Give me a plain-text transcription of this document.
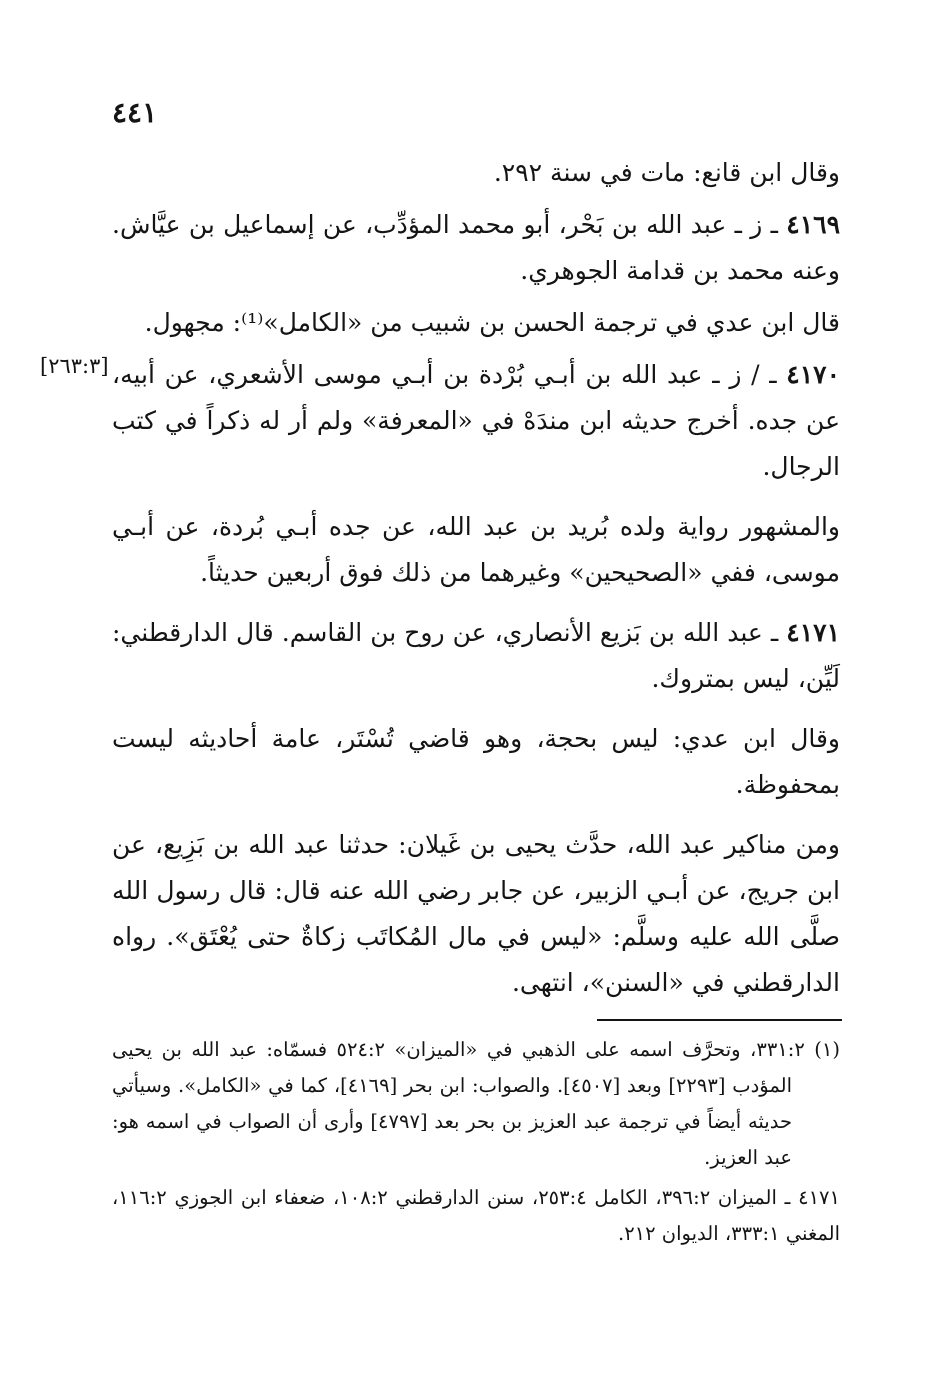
٤٤١
[٢٦٣:٣]

وقال ابن قانع: مات في سنة ٢٩٢.

٤١٦٩ ـ ز ـ عبد الله بن بَحْر، أبو محمد المؤدِّب، عن إسماعيل بن عيَّاش. وعنه محمد بن قدامة الجوهري.

قال ابن عدي في ترجمة الحسن بن شبيب من «الكامل»⁽¹⁾: مجهول.

٤١٧٠ ـ / ز ـ عبد الله بن أبـي بُرْدة بن أبـي موسى الأشعري، عن أبيه، عن جده. أخرج حديثه ابن مندَهْ في «المعرفة» ولم أر له ذكراً في كتب الرجال.

والمشهور رواية ولده بُريد بن عبد الله، عن جده أبـي بُردة، عن أبـي موسى، ففي «الصحيحين» وغيرهما من ذلك فوق أربعين حديثاً.

٤١٧١ ـ عبد الله بن بَزيع الأنصاري، عن روح بن القاسم. قال الدارقطني: لَيِّن، ليس بمتروك.

وقال ابن عدي: ليس بحجة، وهو قاضي تُسْتَر، عامة أحاديثه ليست بمحفوظة.

ومن مناكير عبد الله، حدَّث يحيى بن غَيلان: حدثنا عبد الله بن بَزِيع، عن ابن جريج، عن أبـي الزبير، عن جابر رضي الله عنه قال: قال رسول الله صلَّى الله عليه وسلَّم: «ليس في مال المُكاتَب زكاةٌ حتى يُعْتَق». رواه الدارقطني في «السنن»، انتهى.

(١) ٣٣١:٢، وتحرَّف اسمه على الذهبي في «الميزان» ٥٢٤:٢ فسمّاه: عبد الله بن يحيى المؤدب [٢٢٩٣] وبعد [٤٥٠٧]. والصواب: ابن بحر [٤١٦٩]، كما في «الكامل». وسيأتي حديثه أيضاً في ترجمة عبد العزيز بن بحر بعد [٤٧٩٧] وأرى أن الصواب في اسمه هو: عبد العزيز.

٤١٧١ ـ الميزان ٣٩٦:٢، الكامل ٢٥٣:٤، سنن الدارقطني ١٠٨:٢، ضعفاء ابن الجوزي ١١٦:٢، المغني ٣٣٣:١، الديوان ٢١٢.
